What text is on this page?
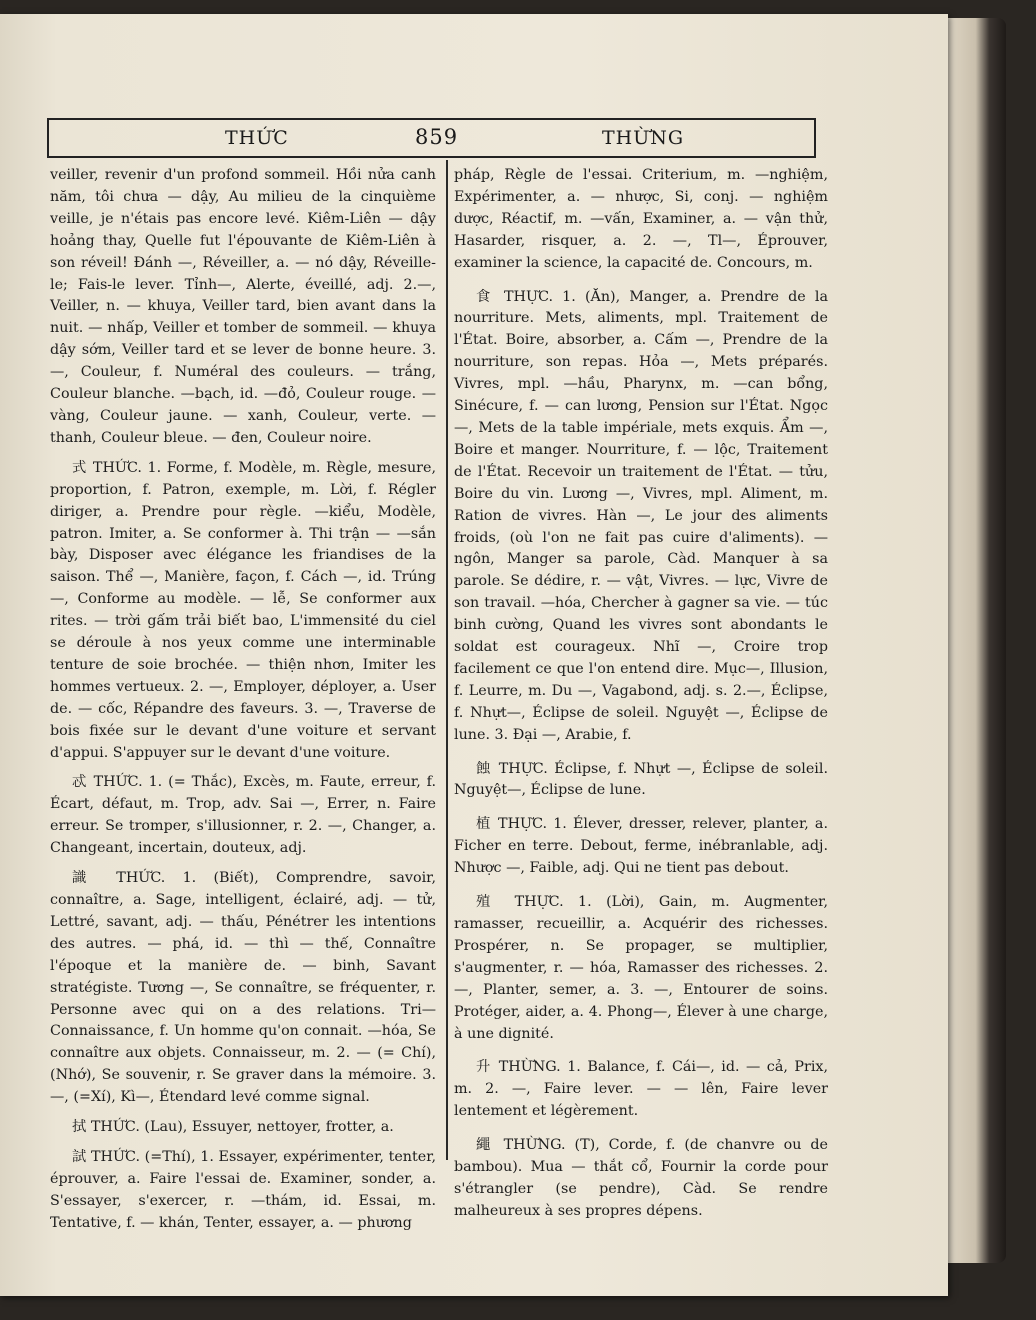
THỨC	859	THỪNG

veiller, revenir d'un profond sommeil. Hồi nửa canh năm, tôi chưa — dậy, Au milieu de la cinquième veille, je n'étais pas encore levé. Kiêm-Liên — dậy hoảng thay, Quelle fut l'épouvante de Kiêm-Liên à son réveil! Đánh —, Réveiller, a. — nó dậy, Réveille-le; Fais-le lever. Tỉnh—, Alerte, éveillé, adj. 2.—, Veiller, n. — khuya, Veiller tard, bien avant dans la nuit. — nhấp, Veiller et tomber de sommeil. — khuya dậy sớm, Veiller tard et se lever de bonne heure. 3. —, Couleur, f. Numéral des couleurs. — trắng, Couleur blanche. —bạch, id. —đỏ, Couleur rouge. — vàng, Couleur jaune. — xanh, Couleur, verte. — thanh, Couleur bleue. — đen, Couleur noire.

式 THỨC. 1. Forme, f. Modèle, m. Règle, mesure, proportion, f. Patron, exemple, m. Lời, f. Régler diriger, a. Prendre pour règle. —kiểu, Modèle, patron. Imiter, a. Se conformer à. Thi trận — —sắn bày, Disposer avec élégance les friandises de la saison. Thể —, Manière, façon, f. Cách —, id. Trúng —, Conforme au modèle. — lễ, Se conformer aux rites. — trời gấm trải biết bao, L'immensité du ciel se déroule à nos yeux comme une interminable tenture de soie brochée. — thiện nhơn, Imiter les hommes vertueux. 2. —, Employer, déployer, a. User de. — cốc, Répandre des faveurs. 3. —, Traverse de bois fixée sur le devant d'une voiture et servant d'appui. S'appuyer sur le devant d'une voiture.

忒 THỨC. 1. (= Thắc), Excès, m. Faute, erreur, f. Écart, défaut, m. Trop, adv. Sai —, Errer, n. Faire erreur. Se tromper, s'illusionner, r. 2. —, Changer, a. Changeant, incertain, douteux, adj.

識 THỨC. 1. (Biết), Comprendre, savoir, connaître, a. Sage, intelligent, éclairé, adj. — tử, Lettré, savant, adj. — thấu, Pénétrer les intentions des autres. — phá, id. — thì — thế, Connaître l'époque et la manière de. — binh, Savant stratégiste. Tương —, Se connaître, se fréquenter, r. Personne avec qui on a des relations. Tri— Connaissance, f. Un homme qu'on connait. —hóa, Se connaître aux objets. Connaisseur, m. 2. — (= Chí), (Nhớ), Se souvenir, r. Se graver dans la mémoire. 3. —, (=Xí), Kì—, Étendard levé comme signal.

拭 THỨC. (Lau), Essuyer, nettoyer, frotter, a.

試 THỨC. (=Thí), 1. Essayer, expérimenter, tenter, éprouver, a. Faire l'essai de. Examiner, sonder, a. S'essayer, s'exercer, r. —thám, id. Essai, m. Tentative, f. — khán, Tenter, essayer, a. — phương

pháp, Règle de l'essai. Criterium, m. —nghiệm, Expérimenter, a. — nhược, Si, conj. — nghiệm dược, Réactif, m. —vấn, Examiner, a. — vận thử, Hasarder, risquer, a. 2. —, Tl—, Éprouver, examiner la science, la capacité de. Concours, m.

食 THỰC. 1. (Ăn), Manger, a. Prendre de la nourriture. Mets, aliments, mpl. Traitement de l'État. Boire, absorber, a. Cấm —, Prendre de la nourriture, son repas. Hỏa —, Mets préparés. Vivres, mpl. —hầu, Pharynx, m. —can bổng, Sinécure, f. — can lương, Pension sur l'État. Ngọc —, Mets de la table impériale, mets exquis. Ẩm —, Boire et manger. Nourriture, f. — lộc, Traitement de l'État. Recevoir un traitement de l'État. — tửu, Boire du vin. Lương —, Vivres, mpl. Aliment, m. Ration de vivres. Hàn —, Le jour des aliments froids, (où l'on ne fait pas cuire d'aliments). —ngôn, Manger sa parole, Càd. Manquer à sa parole. Se dédire, r. — vật, Vivres. — lực, Vivre de son travail. —hóa, Chercher à gagner sa vie. — túc binh cường, Quand les vivres sont abondants le soldat est courageux. Nhĩ —, Croire trop facilement ce que l'on entend dire. Mục—, Illusion, f. Leurre, m. Du —, Vagabond, adj. s. 2.—, Éclipse, f. Nhựt—, Éclipse de soleil. Nguyệt —, Éclipse de lune. 3. Đại —, Arabie, f.

蝕 THỰC. Éclipse, f. Nhựt —, Éclipse de soleil. Nguyệt—, Éclipse de lune.

植 THỰC. 1. Élever, dresser, relever, planter, a. Ficher en terre. Debout, ferme, inébranlable, adj. Nhược —, Faible, adj. Qui ne tient pas debout.

殖 THỰC. 1. (Lời), Gain, m. Augmenter, ramasser, recueillir, a. Acquérir des richesses. Prospérer, n. Se propager, se multiplier, s'augmenter, r. — hóa, Ramasser des richesses. 2. —, Planter, semer, a. 3. —, Entourer de soins. Protéger, aider, a. 4. Phong—, Élever à une charge, à une dignité.

升 THỪNG. 1. Balance, f. Cái—, id. — cả, Prix, m. 2. —, Faire lever. — — lên, Faire lever lentement et légèrement.

繩 THỪNG. (T), Corde, f. (de chanvre ou de bambou). Mua — thắt cổ, Fournir la corde pour s'étrangler (se pendre), Càd. Se rendre malheureux à ses propres dépens.
